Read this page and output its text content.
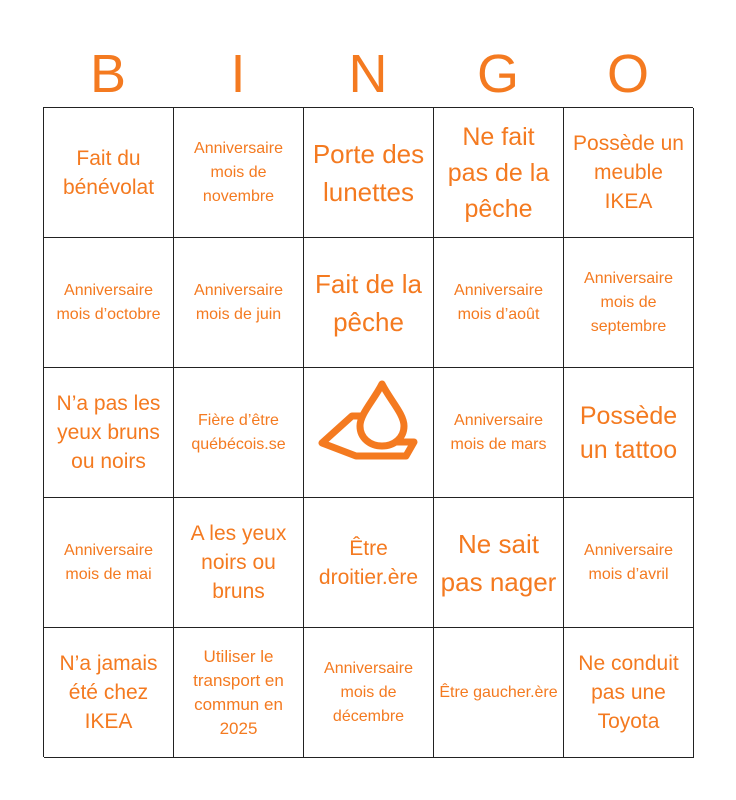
B	I	N	G	O
Fait du bénévolat
Anniversaire mois de novembre
Porte des lunettes
Ne fait pas de la pêche
Possède un meuble IKEA
Anniversaire mois d’octobre
Anniversaire mois de juin
Fait de la pêche
Anniversaire mois d’août
Anniversaire mois de septembre
N’a pas les yeux bruns ou noirs
Fière d’être québécois.se
Anniversaire mois de mars
Possède un tattoo
Anniversaire mois de mai
A les yeux noirs ou bruns
Être droitier.ère
Ne sait pas nager
Anniversaire mois d’avril
N’a jamais été chez IKEA
Utiliser le transport en commun en 2025
Anniversaire mois de décembre
Être gaucher.ère
Ne conduit pas une Toyota
